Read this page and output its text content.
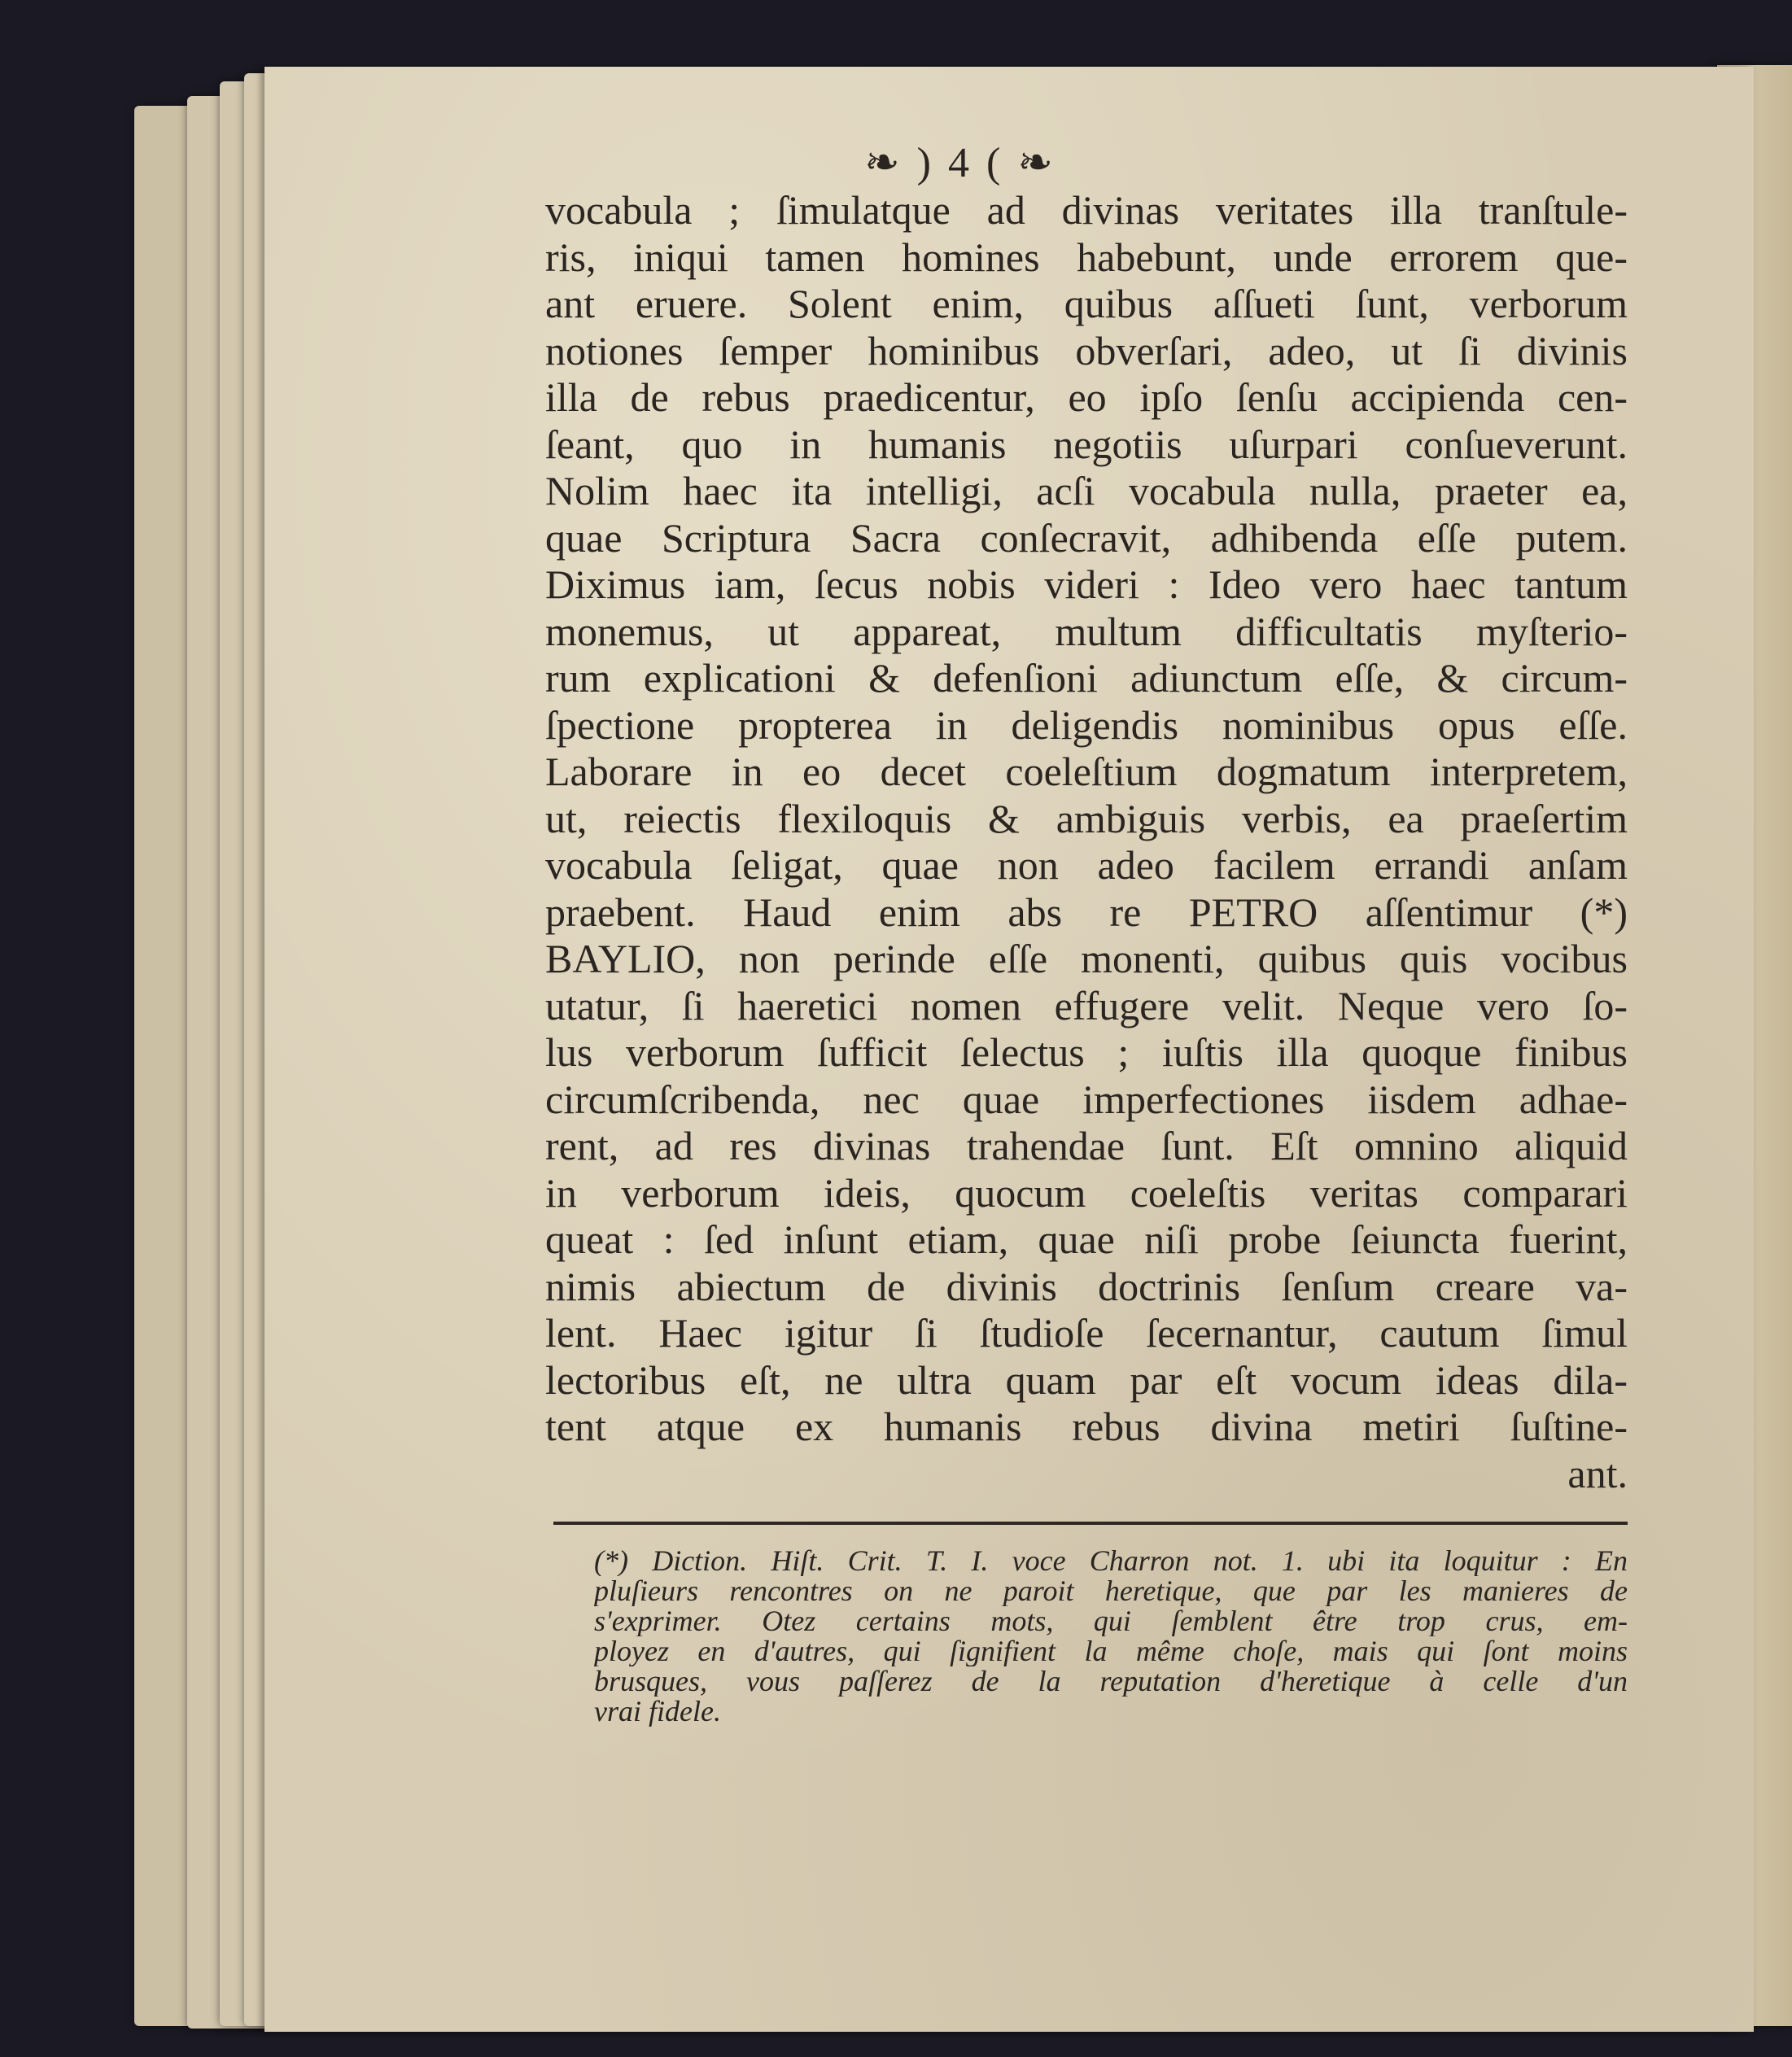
❧ ) 4 ( ❧
vocabula ; ſimulatque ad divinas veritates illa tranſtule-
ris, iniqui tamen homines habebunt, unde errorem que-
ant eruere. Solent enim, quibus aſſueti ſunt, verborum
notiones ſemper hominibus obverſari, adeo, ut ſi divinis
illa de rebus praedicentur, eo ipſo ſenſu accipienda cen-
ſeant, quo in humanis negotiis uſurpari conſueverunt.
Nolim haec ita intelligi, acſi vocabula nulla, praeter ea,
quae Scriptura Sacra conſecravit, adhibenda eſſe putem.
Diximus iam, ſecus nobis videri : Ideo vero haec tantum
monemus, ut appareat, multum difficultatis myſterio-
rum explicationi & defenſioni adiunctum eſſe, & circum-
ſpectione propterea in deligendis nominibus opus eſſe.
Laborare in eo decet coeleſtium dogmatum interpretem,
ut, reiectis flexiloquis & ambiguis verbis, ea praeſertim
vocabula ſeligat, quae non adeo facilem errandi anſam
praebent. Haud enim abs re PETRO aſſentimur (*)
BAYLIO, non perinde eſſe monenti, quibus quis vocibus
utatur, ſi haeretici nomen effugere velit. Neque vero ſo-
lus verborum ſufficit ſelectus ; iuſtis illa quoque finibus
circumſcribenda, nec quae imperfectiones iisdem adhae-
rent, ad res divinas trahendae ſunt. Eſt omnino aliquid
in verborum ideis, quocum coeleſtis veritas comparari
queat : ſed inſunt etiam, quae niſi probe ſeiuncta fuerint,
nimis abiectum de divinis doctrinis ſenſum creare va-
lent. Haec igitur ſi ſtudioſe ſecernantur, cautum ſimul
lectoribus eſt, ne ultra quam par eſt vocum ideas dila-
tent atque ex humanis rebus divina metiri ſuſtine-
ant.
(*) Diction. Hiſt. Crit. T. I. voce Charron not. 1. ubi ita loquitur : En
pluſieurs rencontres on ne paroit heretique, que par les manieres de
s'exprimer. Otez certains mots, qui ſemblent être trop crus, em-
ployez en d'autres, qui ſignifient la même choſe, mais qui ſont moins
brusques, vous paſſerez de la reputation d'heretique à celle d'un
vrai fidele.
